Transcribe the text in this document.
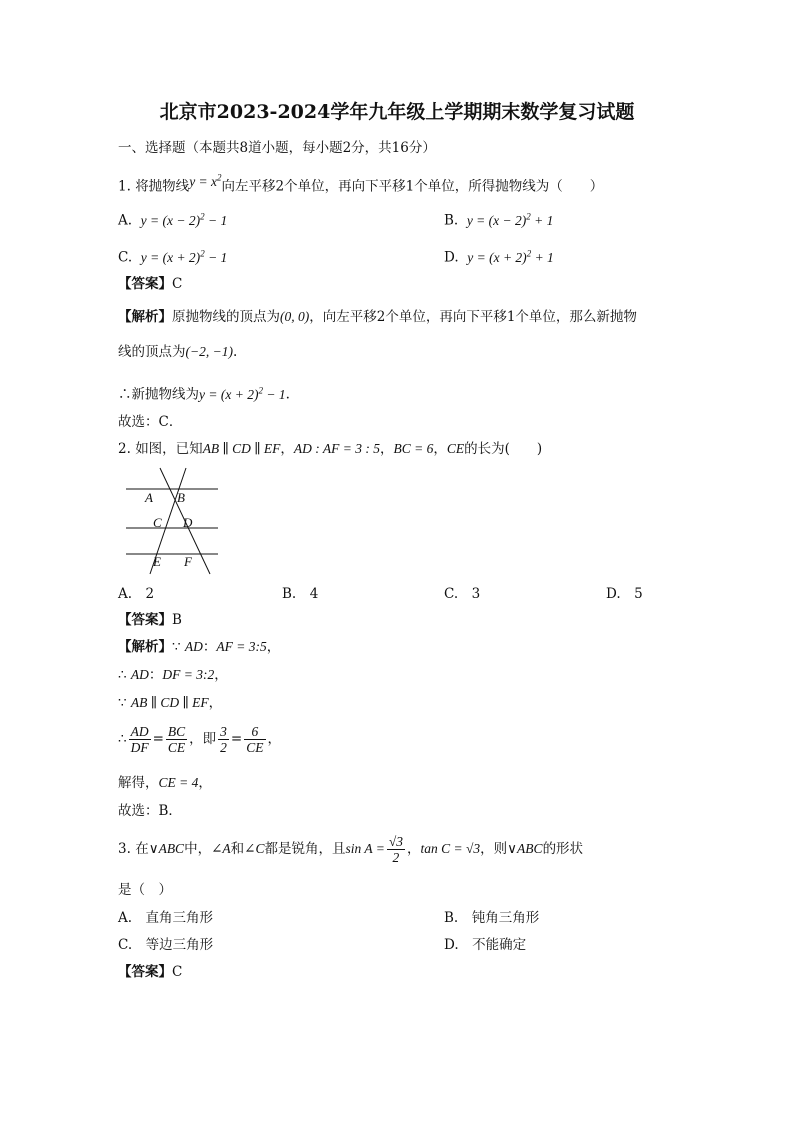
北京市2023-2024学年九年级上学期期末数学复习试题
一、选择题（本题共8道小题，每小题2分，共16分）
1. 将抛物线$y = x^2$向左平移2个单位，再向下平移1个单位，所得抛物线为（　　）
A. $y = (x - 2)^2 - 1$	B. $y = (x - 2)^2 + 1$
C. $y = (x + 2)^2 - 1$	D. $y = (x + 2)^2 + 1$
【答案】C
【解析】原抛物线的顶点为(0, 0)，向左平移2个单位，再向下平移1个单位，那么新抛物
线的顶点为(−2, −1).
∴新抛物线为$y = (x + 2)^2 - 1$.
故选：C．
2. 如图，已知AB ∥ CD ∥ EF，AD : AF = 3 : 5，BC = 6，CE的长为(　　)
A B
C D
E F
A.　2	B.　4	C.　3	D.　5
【答案】B
【解析】∵ AD：AF = 3:5，
∴ AD：DF = 3:2，
∵ AB ∥ CD ∥ EF，
∴ $\frac{AD}{DF} = \frac{BC}{CE}$ ，即 $\frac{3}{2} = \frac{6}{CE}$ ，
解得，CE = 4，
故选：B．
3. 在∨ABC中，∠A和∠C都是锐角，且$\sin A = \frac{√3}{2}$ ，tan C = √3，则∨ABC的形状
是（　）
A.　直角三角形	B.　钝角三角形
C.　等边三角形	D.　不能确定
【答案】C
